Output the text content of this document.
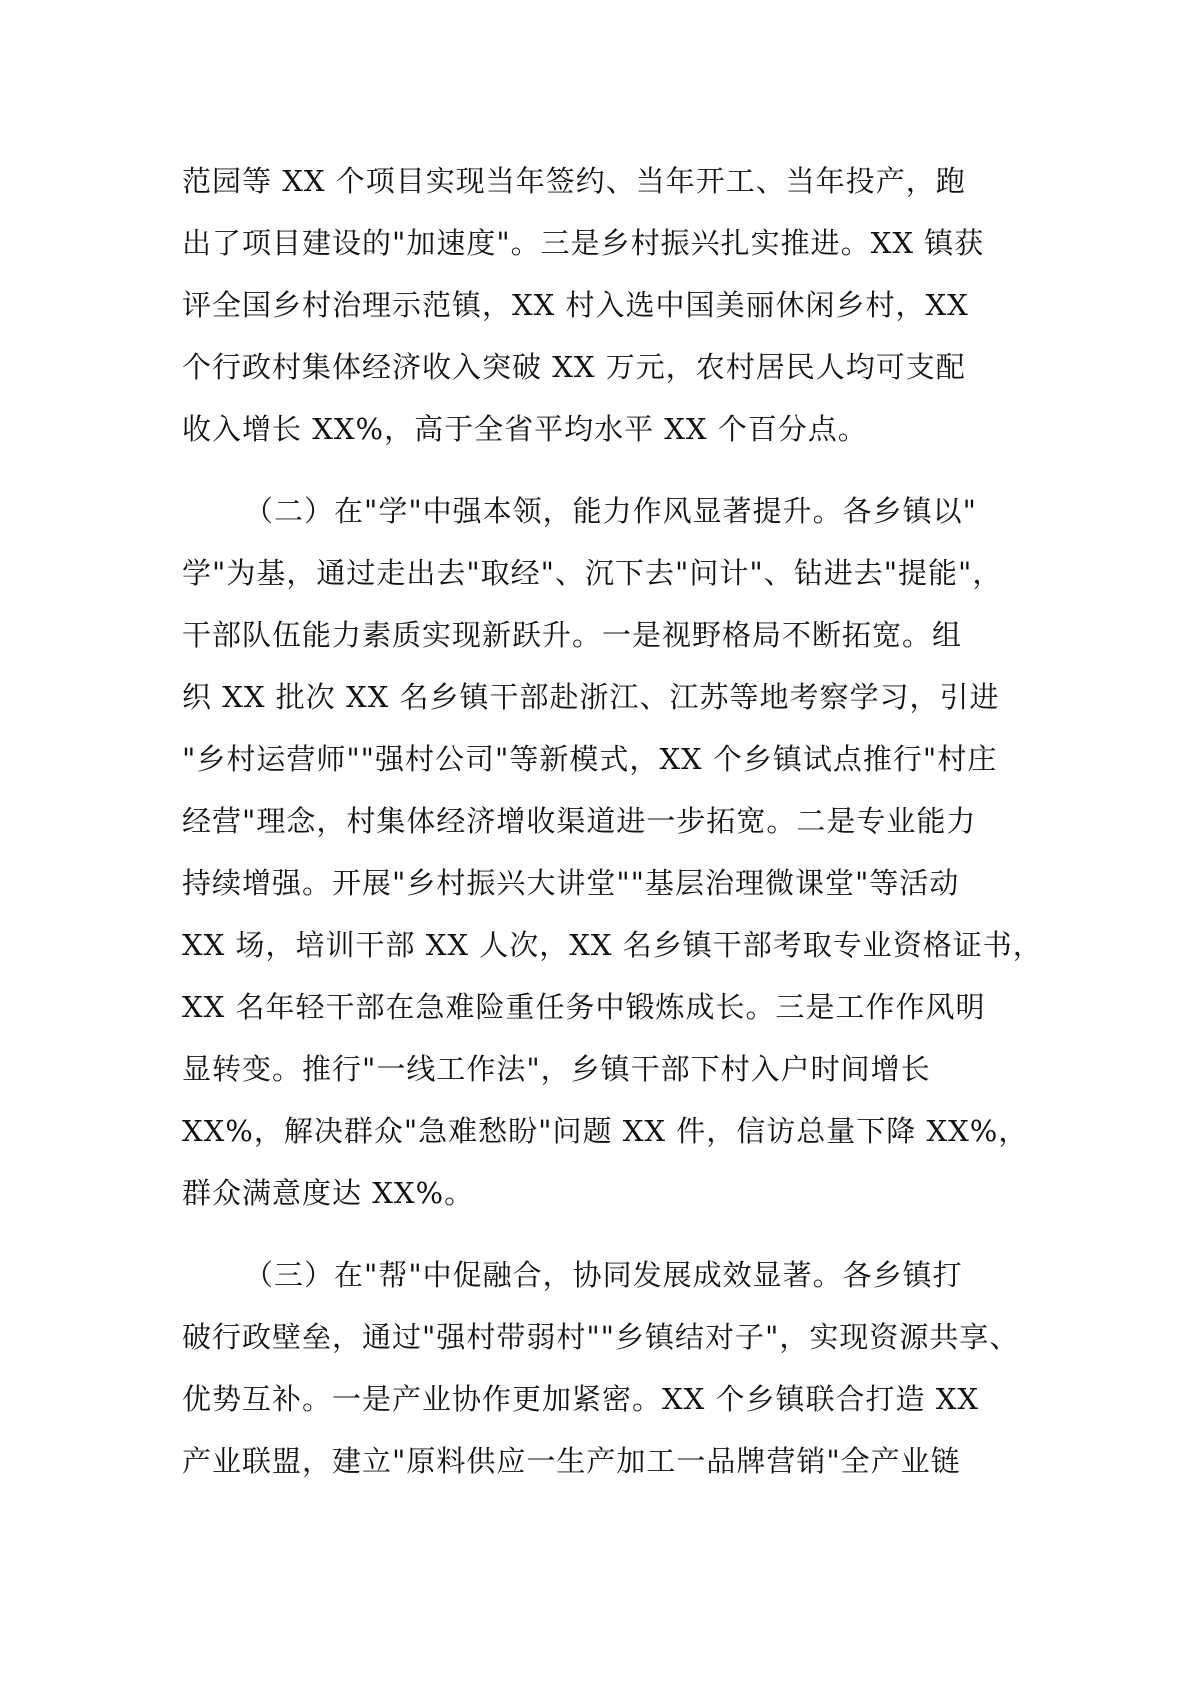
范园等 XX 个项目实现当年签约、当年开工、当年投产，跑
出了项目建设的"加速度"。三是乡村振兴扎实推进。XX 镇获
评全国乡村治理示范镇，XX 村入选中国美丽休闲乡村，XX
个行政村集体经济收入突破 XX 万元，农村居民人均可支配
收入增长 XX%，高于全省平均水平 XX 个百分点。

（二）在"学"中强本领，能力作风显著提升。各乡镇以"
学"为基，通过走出去"取经"、沉下去"问计"、钻进去"提能"，
干部队伍能力素质实现新跃升。一是视野格局不断拓宽。组
织 XX 批次 XX 名乡镇干部赴浙江、江苏等地考察学习，引进
"乡村运营师""强村公司"等新模式，XX 个乡镇试点推行"村庄
经营"理念，村集体经济增收渠道进一步拓宽。二是专业能力
持续增强。开展"乡村振兴大讲堂""基层治理微课堂"等活动
XX 场，培训干部 XX 人次，XX 名乡镇干部考取专业资格证书，
XX 名年轻干部在急难险重任务中锻炼成长。三是工作作风明
显转变。推行"一线工作法"，乡镇干部下村入户时间增长
XX%，解决群众"急难愁盼"问题 XX 件，信访总量下降 XX%，
群众满意度达 XX%。

（三）在"帮"中促融合，协同发展成效显著。各乡镇打
破行政壁垒，通过"强村带弱村""乡镇结对子"，实现资源共享、
优势互补。一是产业协作更加紧密。XX 个乡镇联合打造 XX
产业联盟，建立"原料供应一生产加工一品牌营销"全产业链
